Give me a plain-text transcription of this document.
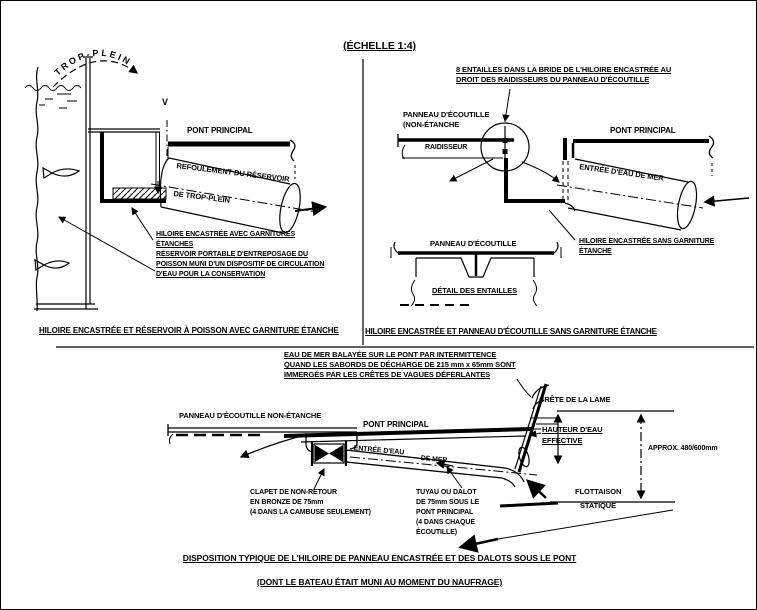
TROP-PLEIN
(ÉCHELLE 1:4)
V
PONT PRINCIPAL
REFOULEMENT DU RÉSERVOIR
DE TROP-PLEIN
HILOIRE ENCASTRÉE AVEC GARNITURES
ÉTANCHES
RÉSERVOIR PORTABLE D'ENTREPOSAGE DU
POISSON MUNI D'UN DISPOSITIF DE CIRCULATION
D'EAU POUR LA CONSERVATION
HILOIRE ENCASTRÉE ET RÉSERVOIR À POISSON AVEC GARNITURE ÉTANCHE
8 ENTAILLES DANS LA BRIDE DE L'HILOIRE ENCASTRÉE AU
DROIT DES RAIDISSEURS DU PANNEAU D'ÉCOUTILLE
PANNEAU D'ÉCOUTILLE
(NON-ÉTANCHE
RAIDISSEUR
PONT PRINCIPAL
ENTRÉE D'EAU DE MER
PANNEAU D'ÉCOUTILLE
DÉTAIL DES ENTAILLES
HILOIRE ENCASTRÉE SANS GARNITURE
ÉTANCHE
HILOIRE ENCASTRÉE ET PANNEAU D'ÉCOUTILLE SANS GARNITURE ÉTANCHE
EAU DE MER BALAYÉE SUR LE PONT PAR INTERMITTENCE
QUAND LES SABORDS DE DÉCHARGE DE 215 mm x 65mm SONT
IMMERGÉS PAR LES CRÊTES DE VAGUES DÉFERLANTES
PANNEAU D'ÉCOUTILLE NON-ÉTANCHE
PONT PRINCIPAL
ENTRÉE D'EAU
DE MER
CRÊTE DE LA LAME
HAUTEUR D'EAU
EFFECTIVE
APPROX. 480/600mm
FLOTTAISON
STATIQUE
CLAPET DE NON-RETOUR
EN BRONZE DE 75mm
(4 DANS LA CAMBUSE SEULEMENT)
TUYAU OU DALOT
DE 75mm SOUS LE
PONT PRINCIPAL
(4 DANS CHAQUE
ÉCOUTILLE)
DISPOSITION TYPIQUE DE L'HILOIRE DE PANNEAU ENCASTRÉE ET DES DALOTS SOUS LE PONT
(DONT LE BATEAU ÉTAIT MUNI AU MOMENT DU NAUFRAGE)
